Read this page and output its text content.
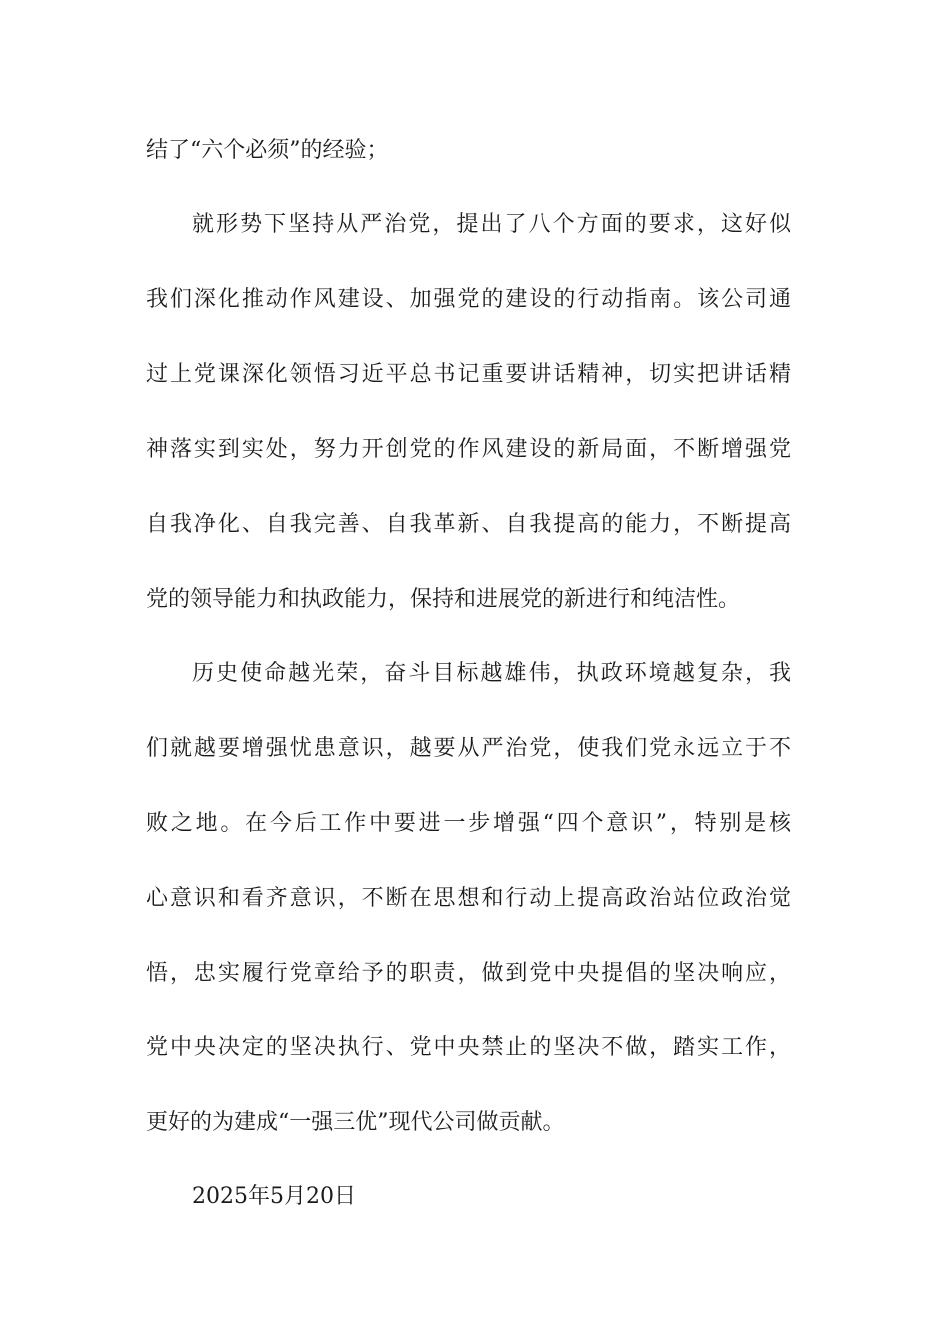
结了“六个必须”的经验；
就形势下坚持从严治党，提出了八个方面的要求，这好似
我们深化推动作风建设、加强党的建设的行动指南。该公司通
过上党课深化领悟习近平总书记重要讲话精神，切实把讲话精
神落实到实处，努力开创党的作风建设的新局面，不断增强党
自我净化、自我完善、自我革新、自我提高的能力，不断提高
党的领导能力和执政能力，保持和进展党的新进行和纯洁性。
历史使命越光荣，奋斗目标越雄伟，执政环境越复杂，我
们就越要增强忧患意识，越要从严治党，使我们党永远立于不
败之地。在今后工作中要进一步增强“四个意识”，特别是核
心意识和看齐意识，不断在思想和行动上提高政治站位政治觉
悟，忠实履行党章给予的职责，做到党中央提倡的坚决响应，
党中央决定的坚决执行、党中央禁止的坚决不做，踏实工作，
更好的为建成“一强三优”现代公司做贡献。
2025年5月20日
